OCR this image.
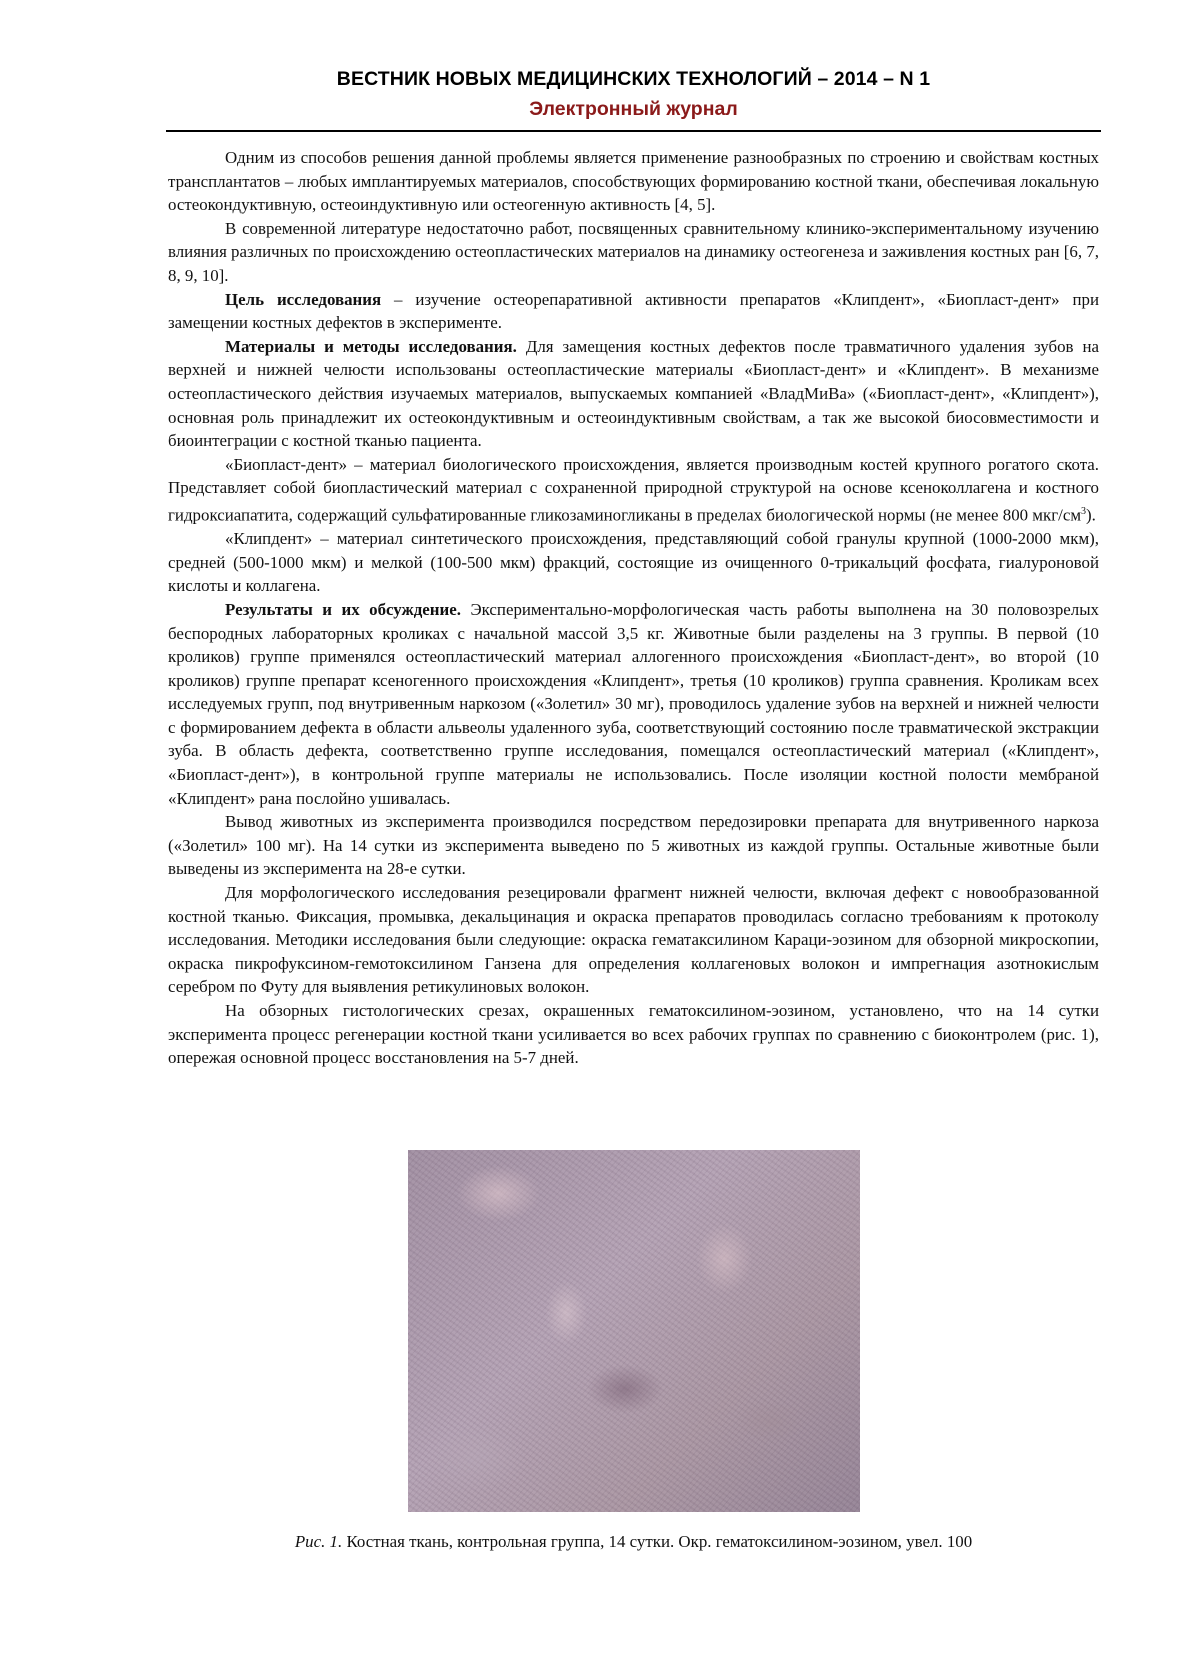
ВЕСТНИК НОВЫХ МЕДИЦИНСКИХ ТЕХНОЛОГИЙ – 2014 – N 1
Электронный журнал

Одним из способов решения данной проблемы является применение разнообразных по строению и свойствам костных трансплантатов – любых имплантируемых материалов, способствующих формированию костной ткани, обеспечивая локальную остеокондуктивную, остеоиндуктивную или остеогенную активность [4, 5].

В современной литературе недостаточно работ, посвященных сравнительному клинико-экспериментальному изучению влияния различных по происхождению остеопластических материалов на динамику остеогенеза и заживления костных ран [6, 7, 8, 9, 10].

Цель исследования – изучение остеорепаративной активности препаратов «Клипдент», «Биопласт-дент» при замещении костных дефектов в эксперименте.

Материалы и методы исследования. Для замещения костных дефектов после травматичного удаления зубов на верхней и нижней челюсти использованы остеопластические материалы «Биопласт-дент» и «Клипдент». В механизме остеопластического действия изучаемых материалов, выпускаемых компанией «ВладМиВа» («Биопласт-дент», «Клипдент»), основная роль принадлежит их остеокондуктивным и остеоиндуктивным свойствам, а так же высокой биосовместимости и биоинтеграции с костной тканью пациента.

«Биопласт-дент» – материал биологического происхождения, является производным костей крупного рогатого скота. Представляет собой биопластический материал с сохраненной природной структурой на основе ксеноколлагена и костного гидроксиапатита, содержащий сульфатированные гликозаминогликаны в пределах биологической нормы (не менее 800 мкг/$см^3$).

«Клипдент» – материал синтетического происхождения, представляющий собой гранулы крупной (1000-2000 мкм), средней (500-1000 мкм) и мелкой (100-500 мкм) фракций, состоящие из очищенного 0-трикальций фосфата, гиалуроновой кислоты и коллагена.

Результаты и их обсуждение. Экспериментально-морфологическая часть работы выполнена на 30 половозрелых беспородных лабораторных кроликах с начальной массой 3,5 кг. Животные были разделены на 3 группы. В первой (10 кроликов) группе применялся остеопластический материал аллогенного происхождения «Биопласт-дент», во второй (10 кроликов) группе препарат ксеногенного происхождения «Клипдент», третья (10 кроликов) группа сравнения. Кроликам всех исследуемых групп, под внутривенным наркозом («Золетил» 30 мг), проводилось удаление зубов на верхней и нижней челюсти с формированием дефекта в области альвеолы удаленного зуба, соответствующий состоянию после травматической экстракции зуба. В область дефекта, соответственно группе исследования, помещался остеопластический материал («Клипдент», «Биопласт-дент»), в контрольной группе материалы не использовались. После изоляции костной полости мембраной «Клипдент» рана послойно ушивалась.

Вывод животных из эксперимента производился посредством передозировки препарата для внутривенного наркоза («Золетил» 100 мг). На 14 сутки из эксперимента выведено по 5 животных из каждой группы. Остальные животные были выведены из эксперимента на 28-е сутки.

Для морфологического исследования резецировали фрагмент нижней челюсти, включая дефект с новообразованной костной тканью. Фиксация, промывка, декальцинация и окраска препаратов проводилась согласно требованиям к протоколу исследования. Методики исследования были следующие: окраска гематаксилином Караци-эозином для обзорной микроскопии, окраска пикрофуксином-гемотоксилином Ганзена для определения коллагеновых волокон и импрегнация азотнокислым серебром по Футу для выявления ретикулиновых волокон.

На обзорных гистологических срезах, окрашенных гематоксилином-эозином, установлено, что на 14 сутки эксперимента процесс регенерации костной ткани усиливается во всех рабочих группах по сравнению с биоконтролем (рис. 1), опережая основной процесс восстановления на 5-7 дней.

Рис. 1. Костная ткань, контрольная группа, 14 сутки. Окр. гематоксилином-эозином, увел. 100
